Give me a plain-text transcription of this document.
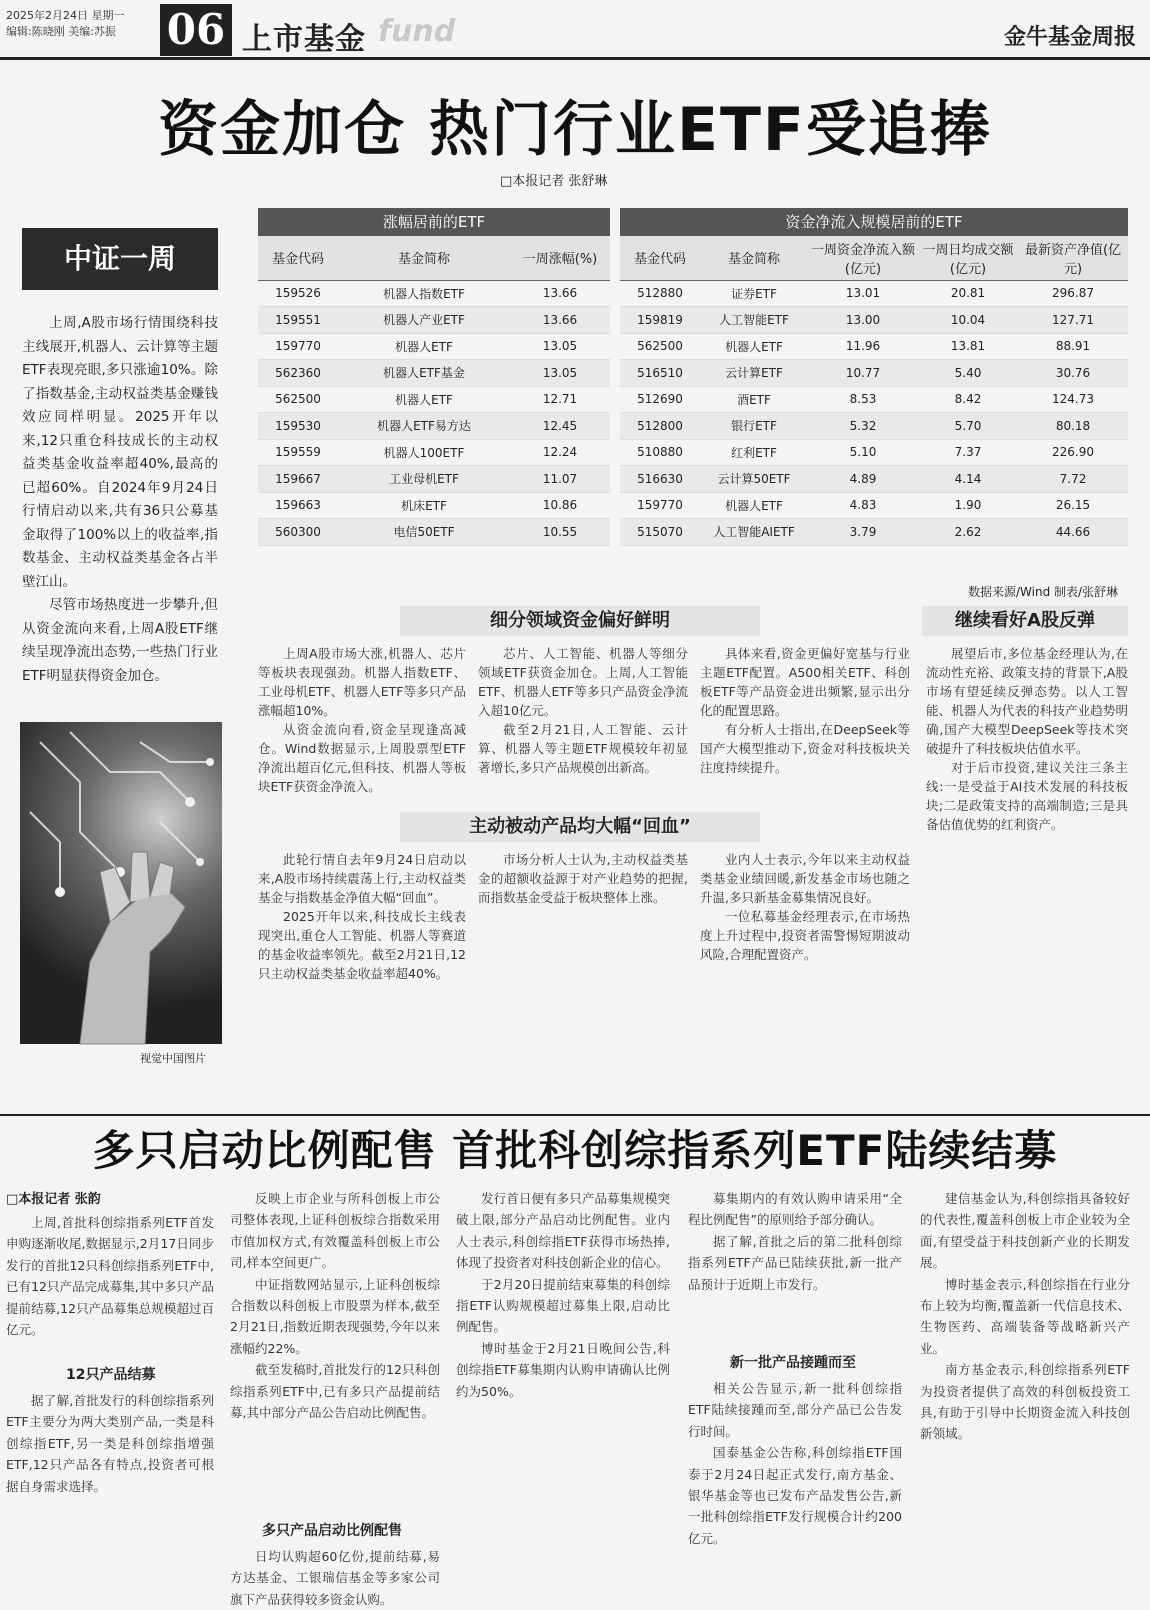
2025年2月24日 星期一
编辑:陈晓刚 美编:苏振 06 上市基金 fund	金牛基金周报
资金加仓 热门行业ETF受追捧
□本报记者 张舒琳
中证一周

上周,A股市场行情围绕科技主线展开,机器人、云计算等主题ETF表现亮眼,多只涨逾10%。除了指数基金,主动权益类基金赚钱效应同样明显。2025开年以来,12只重仓科技成长的主动权益类基金收益率超40%,最高的已超60%。自2024年9月24日行情启动以来,共有36只公募基金取得了100%以上的收益率,指数基金、主动权益类基金各占半壁江山。

尽管市场热度进一步攀升,但从资金流向来看,上周A股ETF继续呈现净流出态势,一些热门行业ETF明显获得资金加仓。

视觉中国图片
涨幅居前的ETF
基金代码	基金简称	一周涨幅(%)
159526	机器人指数ETF	13.66
159551	机器人产业ETF	13.66
159770	机器人ETF	13.05
562360	机器人ETF基金	13.05
562500	机器人ETF	12.71
159530	机器人ETF易方达	12.45
159559	机器人100ETF	12.24
159667	工业母机ETF	11.07
159663	机床ETF	10.86
560300	电信50ETF	10.55
资金净流入规模居前的ETF
基金代码	基金简称	一周资金净流入额(亿元)	一周日均成交额(亿元)	最新资产净值(亿元)
512880	证券ETF	13.01	20.81	296.87
159819	人工智能ETF	13.00	10.04	127.71
562500	机器人ETF	11.96	13.81	88.91
516510	云计算ETF	10.77	5.40	30.76
512690	酒ETF	8.53	8.42	124.73
512800	银行ETF	5.32	5.70	80.18
510880	红利ETF	5.10	7.37	226.90
516630	云计算50ETF	4.89	4.14	7.72
159770	机器人ETF	4.83	1.90	26.15
515070	人工智能AIETF	3.79	2.62	44.66
数据来源/Wind 制表/张舒琳
细分领域资金偏好鲜明

上周A股市场大涨,机器人、芯片等板块表现强劲。机器人指数ETF、工业母机ETF、机器人ETF等多只产品涨幅超10%。

从资金流向看,资金呈现逢高减仓。Wind数据显示,上周股票型ETF净流出超百亿元,但科技、机器人等板块ETF获资金净流入。

芯片、人工智能、机器人等细分领域ETF获资金加仓。上周,人工智能ETF、机器人ETF等多只产品资金净流入超10亿元。

截至2月21日,人工智能、云计算、机器人等主题ETF规模较年初显著增长,多只产品规模创出新高。

具体来看,资金更偏好宽基与行业主题ETF配置。A500相关ETF、科创板ETF等产品资金进出频繁,显示出分化的配置思路。

有分析人士指出,在DeepSeek等国产大模型推动下,资金对科技板块关注度持续提升。

主动被动产品均大幅“回血”

此轮行情自去年9月24日启动以来,A股市场持续震荡上行,主动权益类基金与指数基金净值大幅“回血”。

2025开年以来,科技成长主线表现突出,重仓人工智能、机器人等赛道的基金收益率领先。截至2月21日,12只主动权益类基金收益率超40%。

市场分析人士认为,主动权益类基金的超额收益源于对产业趋势的把握,而指数基金受益于板块整体上涨。

业内人士表示,今年以来主动权益类基金业绩回暖,新发基金市场也随之升温,多只新基金募集情况良好。

一位私募基金经理表示,在市场热度上升过程中,投资者需警惕短期波动风险,合理配置资产。

继续看好A股反弹

展望后市,多位基金经理认为,在流动性充裕、政策支持的背景下,A股市场有望延续反弹态势。以人工智能、机器人为代表的科技产业趋势明确,国产大模型DeepSeek等技术突破提升了科技板块估值水平。

对于后市投资,建议关注三条主线:一是受益于AI技术发展的科技板块;二是政策支持的高端制造;三是具备估值优势的红利资产。

多只启动比例配售 首批科创综指系列ETF陆续结募
□本报记者 张韵

上周,首批科创综指系列ETF首发申购逐渐收尾,数据显示,2月17日同步发行的首批12只科创综指系列ETF中,已有12只产品完成募集,其中多只产品提前结募,12只产品募集总规模超过百亿元。

12只产品结募

据了解,首批发行的科创综指系列ETF主要分为两大类别产品,一类是科创综指ETF,另一类是科创综指增强ETF,12只产品各有特点,投资者可根据自身需求选择。

反映上市企业与所科创板上市公司整体表现,上证科创板综合指数采用市值加权方式,有效覆盖科创板上市公司,样本空间更广。

中证指数网站显示,上证科创板综合指数以科创板上市股票为样本,截至2月21日,指数近期表现强势,今年以来涨幅约22%。

截至发稿时,首批发行的12只科创综指系列ETF中,已有多只产品提前结募,其中部分产品公告启动比例配售。

多只产品启动比例配售

日均认购超60亿份,提前结募,易方达基金、工银瑞信基金等多家公司旗下产品获得较多资金认购。

发行首日便有多只产品募集规模突破上限,部分产品启动比例配售。业内人士表示,科创综指ETF获得市场热捧,体现了投资者对科技创新企业的信心。

于2月20日提前结束募集的科创综指ETF认购规模超过募集上限,启动比例配售。

博时基金于2月21日晚间公告,科创综指ETF募集期内认购申请确认比例约为50%。

募集期内的有效认购申请采用“全程比例配售”的原则给予部分确认。

据了解,首批之后的第二批科创综指系列ETF产品已陆续获批,新一批产品预计于近期上市发行。

新一批产品接踵而至

相关公告显示,新一批科创综指ETF陆续接踵而至,部分产品已公告发行时间。

国泰基金公告称,科创综指ETF国泰于2月24日起正式发行,南方基金、银华基金等也已发布产品发售公告,新一批科创综指ETF发行规模合计约200亿元。

建信基金认为,科创综指具备较好的代表性,覆盖科创板上市企业较为全面,有望受益于科技创新产业的长期发展。

博时基金表示,科创综指在行业分布上较为均衡,覆盖新一代信息技术、生物医药、高端装备等战略新兴产业。

南方基金表示,科创综指系列ETF为投资者提供了高效的科创板投资工具,有助于引导中长期资金流入科技创新领域。
